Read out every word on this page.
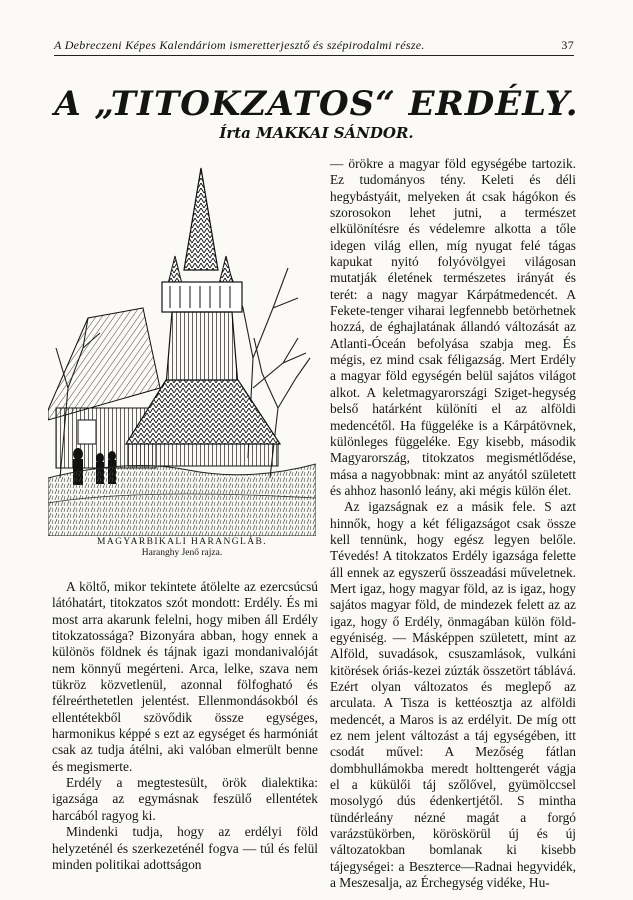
A Debreczeni Képes Kalendáriom ismeretterjesztő és szépirodalmi része.	37
A „TITOKZATOS“ ERDÉLY.
Írta MAKKAI SÁNDOR.
MAGYARBIKALI HARANGLÁB.
Haranghy Jenő rajza.

A költő, mikor tekintete átölelte az ezercsúcsú látóhatárt, titokzatos szót mondott: Erdély. És mi most arra akarunk felelni, hogy miben áll Erdély titokzatossága? Bizonyára abban, hogy ennek a különös földnek és tájnak igazi mondanivalóját nem könnyű megérteni. Arca, lelke, szava nem tükröz közvetlenül, azonnal fölfogható és félreérthetetlen jelentést. Ellenmondásokból és ellentétekből szövődik össze egységes, harmonikus képpé s ezt az egységet és harmóniát csak az tudja átélni, aki valóban elmerült benne és megismerte.

Erdély a megtestesült, örök dialektika: igazsága az egymásnak feszülő ellentétek harcából ragyog ki.

Mindenki tudja, hogy az erdélyi föld helyzeténél és szerkezeténél fogva — túl és felül minden politikai adottságon

— örökre a magyar föld egységébe tartozik. Ez tudományos tény. Keleti és déli hegybástyáit, melyeken át csak hágókon és szorosokon lehet jutni, a természet elkülönítésre és védelemre alkotta a tőle idegen világ ellen, míg nyugat felé tágas kapukat nyitó folyóvölgyei világosan mutatják életének természetes irányát és terét: a nagy magyar Kárpátmedencét. A Fekete-tenger viharai legfennebb betörhetnek hozzá, de éghajlatának állandó változását az Atlanti-Óceán befolyása szabja meg. És mégis, ez mind csak féligazság. Mert Erdély a magyar föld egységén belül sajátos világot alkot. A keletmagyarországi Sziget-hegység belső határként különíti el az alföldi medencétől. Ha függeléke is a Kárpátövnek, különleges függeléke. Egy kisebb, második Magyarország, titokzatos megismétlődése, mása a nagyobbnak: mint az anyától született és ahhoz hasonló leány, aki mégis külön élet.

Az igazságnak ez a másik fele. S azt hinnők, hogy a két féligazságot csak össze kell tennünk, hogy egész legyen belőle. Tévedés! A titokzatos Erdély igazsága felette áll ennek az egyszerű összeadási műveletnek. Mert igaz, hogy magyar föld, az is igaz, hogy sajátos magyar föld, de mindezek felett az az igaz, hogy ő Erdély, önmagában külön föld-egyéniség. — Másképpen született, mint az Alföld, suvadások, csuszamlások, vulkáni kitörések óriás-kezei zúzták összetört táblává. Ezért olyan változatos és meglepő az arculata. A Tisza is kettéosztja az alföldi medencét, a Maros is az erdélyit. De míg ott ez nem jelent változást a táj egységében, itt csodát művel: A Mezőség fátlan dombhullámokba meredt holttengerét vágja el a kükülői táj szőlővel, gyümölccsel mosolygó dús édenkertjétől. S mintha tündérleány nézné magát a forgó varázstükörben, köröskörül új és új változatokban bomlanak ki kisebb tájegységei: a Beszterce—Radnai hegyvidék, a Meszesalja, az Érchegység vidéke, Hu-
